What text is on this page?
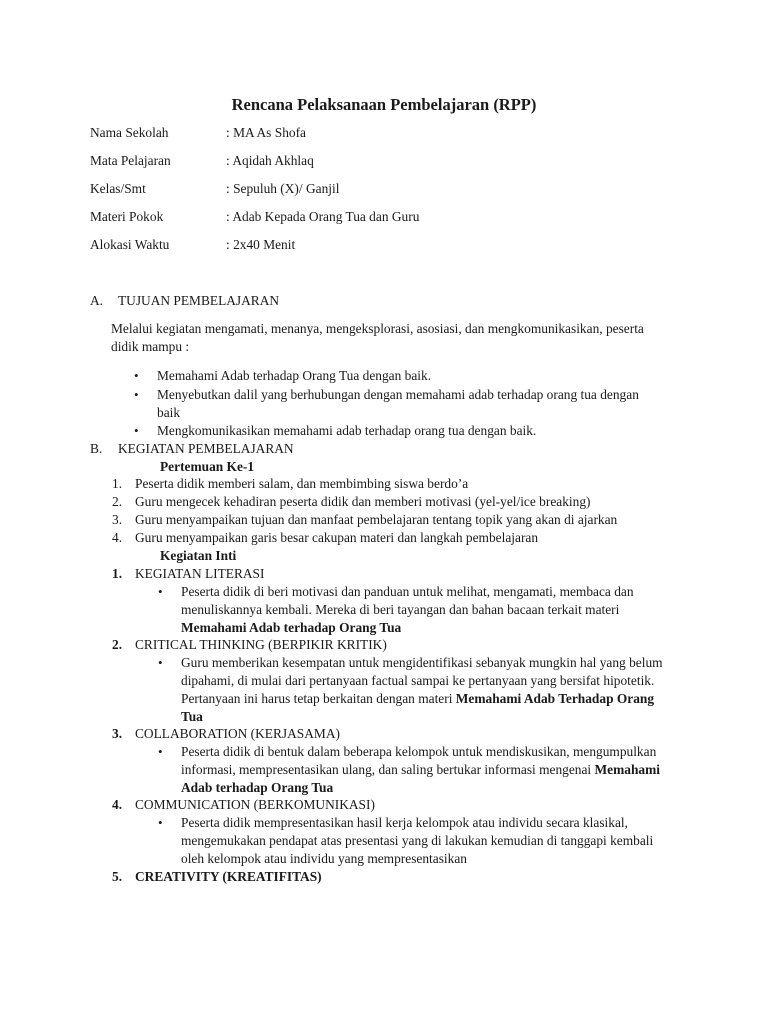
Rencana Pelaksanaan Pembelajaran (RPP)
Nama Sekolah	: MA As Shofa
Mata Pelajaran	: Aqidah Akhlaq
Kelas/Smt	: Sepuluh (X)/ Ganjil
Materi Pokok	: Adab Kepada Orang Tua dan Guru
Alokasi Waktu	: 2x40 Menit
A. TUJUAN PEMBELAJARAN
Melalui kegiatan mengamati, menanya, mengeksplorasi, asosiasi, dan mengkomunikasikan, peserta
didik mampu :
• Memahami Adab terhadap Orang Tua dengan baik.
• Menyebutkan dalil yang berhubungan dengan memahami adab terhadap orang tua dengan
baik
• Mengkomunikasikan memahami adab terhadap orang tua dengan baik.
B. KEGIATAN PEMBELAJARAN
Pertemuan Ke-1
1. Peserta didik memberi salam, dan membimbing siswa berdo’a
2. Guru mengecek kehadiran peserta didik dan memberi motivasi (yel-yel/ice breaking)
3. Guru menyampaikan tujuan dan manfaat pembelajaran tentang topik yang akan di ajarkan
4. Guru menyampaikan garis besar cakupan materi dan langkah pembelajaran
Kegiatan Inti
1. KEGIATAN LITERASI
• Peserta didik di beri motivasi dan panduan untuk melihat, mengamati, membaca dan
menuliskannya kembali. Mereka di beri tayangan dan bahan bacaan terkait materi
Memahami Adab terhadap Orang Tua
2. CRITICAL THINKING (BERPIKIR KRITIK)
• Guru memberikan kesempatan untuk mengidentifikasi sebanyak mungkin hal yang belum
dipahami, di mulai dari pertanyaan factual sampai ke pertanyaan yang bersifat hipotetik.
Pertanyaan ini harus tetap berkaitan dengan materi Memahami Adab Terhadap Orang
Tua
3. COLLABORATION (KERJASAMA)
• Peserta didik di bentuk dalam beberapa kelompok untuk mendiskusikan, mengumpulkan
informasi, mempresentasikan ulang, dan saling bertukar informasi mengenai Memahami
Adab terhadap Orang Tua
4. COMMUNICATION (BERKOMUNIKASI)
• Peserta didik mempresentasikan hasil kerja kelompok atau individu secara klasikal,
mengemukakan pendapat atas presentasi yang di lakukan kemudian di tanggapi kembali
oleh kelompok atau individu yang mempresentasikan
5. CREATIVITY (KREATIFITAS)
